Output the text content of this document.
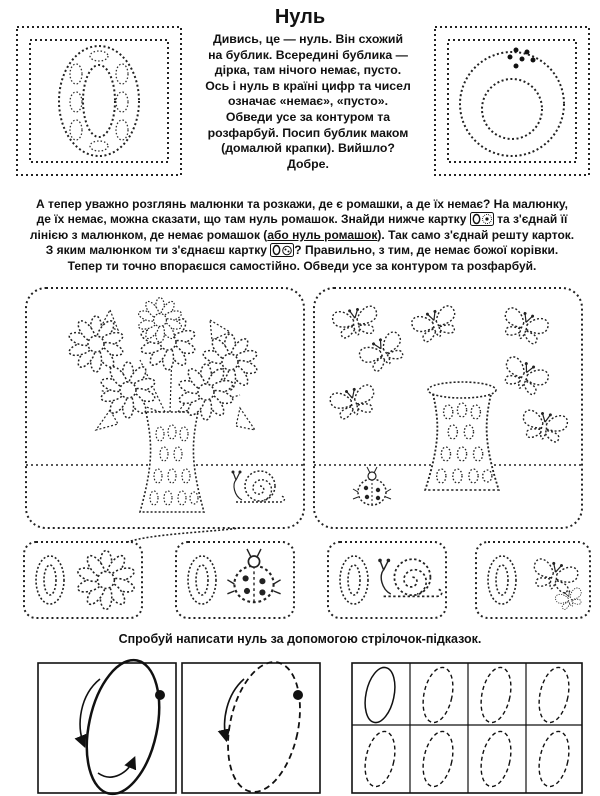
Нуль
Дивись, це — нуль. Він схожий
на бублик. Всередині бублика —
дірка, там нічого немає, пусто.
Ось і нуль в країні цифр та чисел
означає «немає», «пусто».
Обведи усе за контуром та
розфарбуй. Посип бублик маком
(домалюй крапки). Вийшло?
Добре.
А тепер уважно розглянь малюнки та розкажи, де є ромашки, а де їх немає? На малюнку,
де їх немає, можна сказати, що там нуль ромашок. Знайди нижче картку	та з'єднай її
лінією з малюнком, де немає ромашок (або нуль ромашок). Так само з'єднай решту карток.
З яким малюнком ти з'єднаєш картку ? Правильно, з тим, де немає божої корівки.
Тепер ти точно впораєшся самостійно. Обведи усе за контуром та розфарбуй.
0	0	0	0
Спробуй написати нуль за допомогою стрілочок-підказок.
